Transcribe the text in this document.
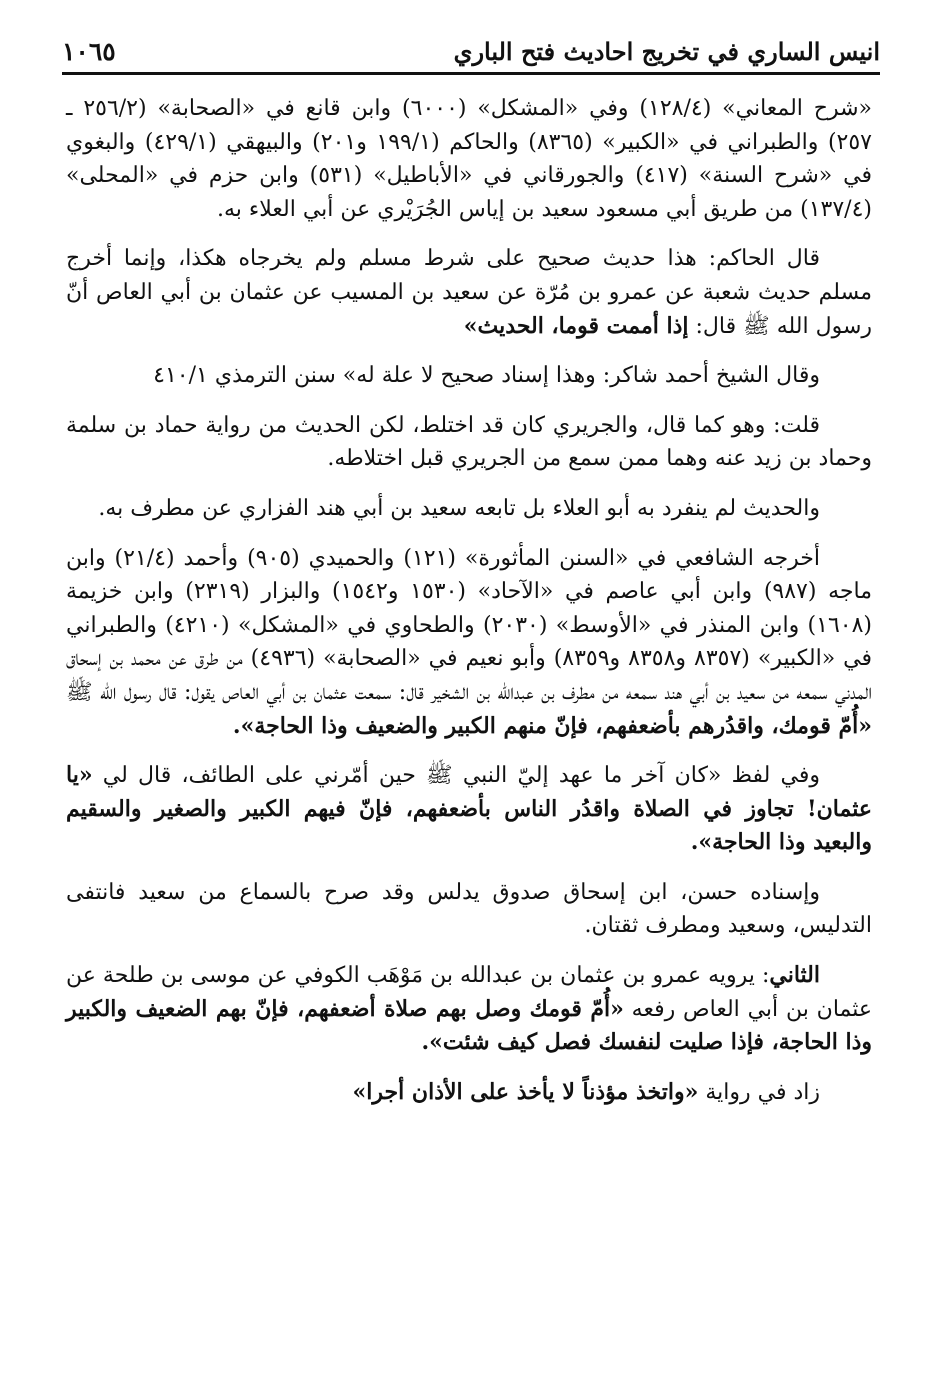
انيس الساري في تخريج احاديث فتح الباري
١٠٦٥

«شرح المعاني» (١٢٨/٤) وفي «المشكل» (٦٠٠٠) وابن قانع في «الصحابة» (٢٥٦/٢ ـ ٢٥٧) والطبراني في «الكبير» (٨٣٦٥) والحاكم (١٩٩/١ و٢٠١) والبيهقي (٤٢٩/١) والبغوي في «شرح السنة» (٤١٧) والجورقاني في «الأباطيل» (٥٣١) وابن حزم في «المحلى» (١٣٧/٤) من طريق أبي مسعود سعيد بن إياس الجُرَيْري عن أبي العلاء به.

قال الحاكم: هذا حديث صحيح على شرط مسلم ولم يخرجاه هكذا، وإنما أخرج مسلم حديث شعبة عن عمرو بن مُرّة عن سعيد بن المسيب عن عثمان بن أبي العاص أنّ رسول الله ﷺ قال: إذا أممت قوما، الحديث»

وقال الشيخ أحمد شاكر: وهذا إسناد صحيح لا علة له» سنن الترمذي ٤١٠/١

قلت: وهو كما قال، والجريري كان قد اختلط، لكن الحديث من رواية حماد بن سلمة وحماد بن زيد عنه وهما ممن سمع من الجريري قبل اختلاطه.

والحديث لم ينفرد به أبو العلاء بل تابعه سعيد بن أبي هند الفزاري عن مطرف به.

أخرجه الشافعي في «السنن المأثورة» (١٢١) والحميدي (٩٠٥) وأحمد (٢١/٤) وابن ماجه (٩٨٧) وابن أبي عاصم في «الآحاد» (١٥٣٠ و١٥٤٢) والبزار (٢٣١٩) وابن خزيمة (١٦٠٨) وابن المنذر في «الأوسط» (٢٠٣٠) والطحاوي في «المشكل» (٤٢١٠) والطبراني في «الكبير» (٨٣٥٧ و٨٣٥٨ و٨٣٥٩) وأبو نعيم في «الصحابة» (٤٩٣٦) من طرق عن محمد بن إسحاق المدني سمعه من سعيد بن أبي هند سمعه من مطرف بن عبدالله بن الشخير قال: سمعت عثمان بن أبي العاص يقول: قال رسول الله ﷺ «أُمّ قومك، واقدُرهم بأضعفهم، فإنّ منهم الكبير والضعيف وذا الحاجة».

وفي لفظ «كان آخر ما عهد إليّ النبي ﷺ حين أمّرني على الطائف، قال لي «يا عثمان! تجاوز في الصلاة واقدُر الناس بأضعفهم، فإنّ فيهم الكبير والصغير والسقيم والبعيد وذا الحاجة».

وإسناده حسن، ابن إسحاق صدوق يدلس وقد صرح بالسماع من سعيد فانتفى التدليس، وسعيد ومطرف ثقتان.

الثاني: يرويه عمرو بن عثمان بن عبدالله بن مَوْهَب الكوفي عن موسى بن طلحة عن عثمان بن أبي العاص رفعه «أُمّ قومك وصل بهم صلاة أضعفهم، فإنّ بهم الضعيف والكبير وذا الحاجة، فإذا صليت لنفسك فصل كيف شئت».

زاد في رواية «واتخذ مؤذناً لا يأخذ على الأذان أجرا»
